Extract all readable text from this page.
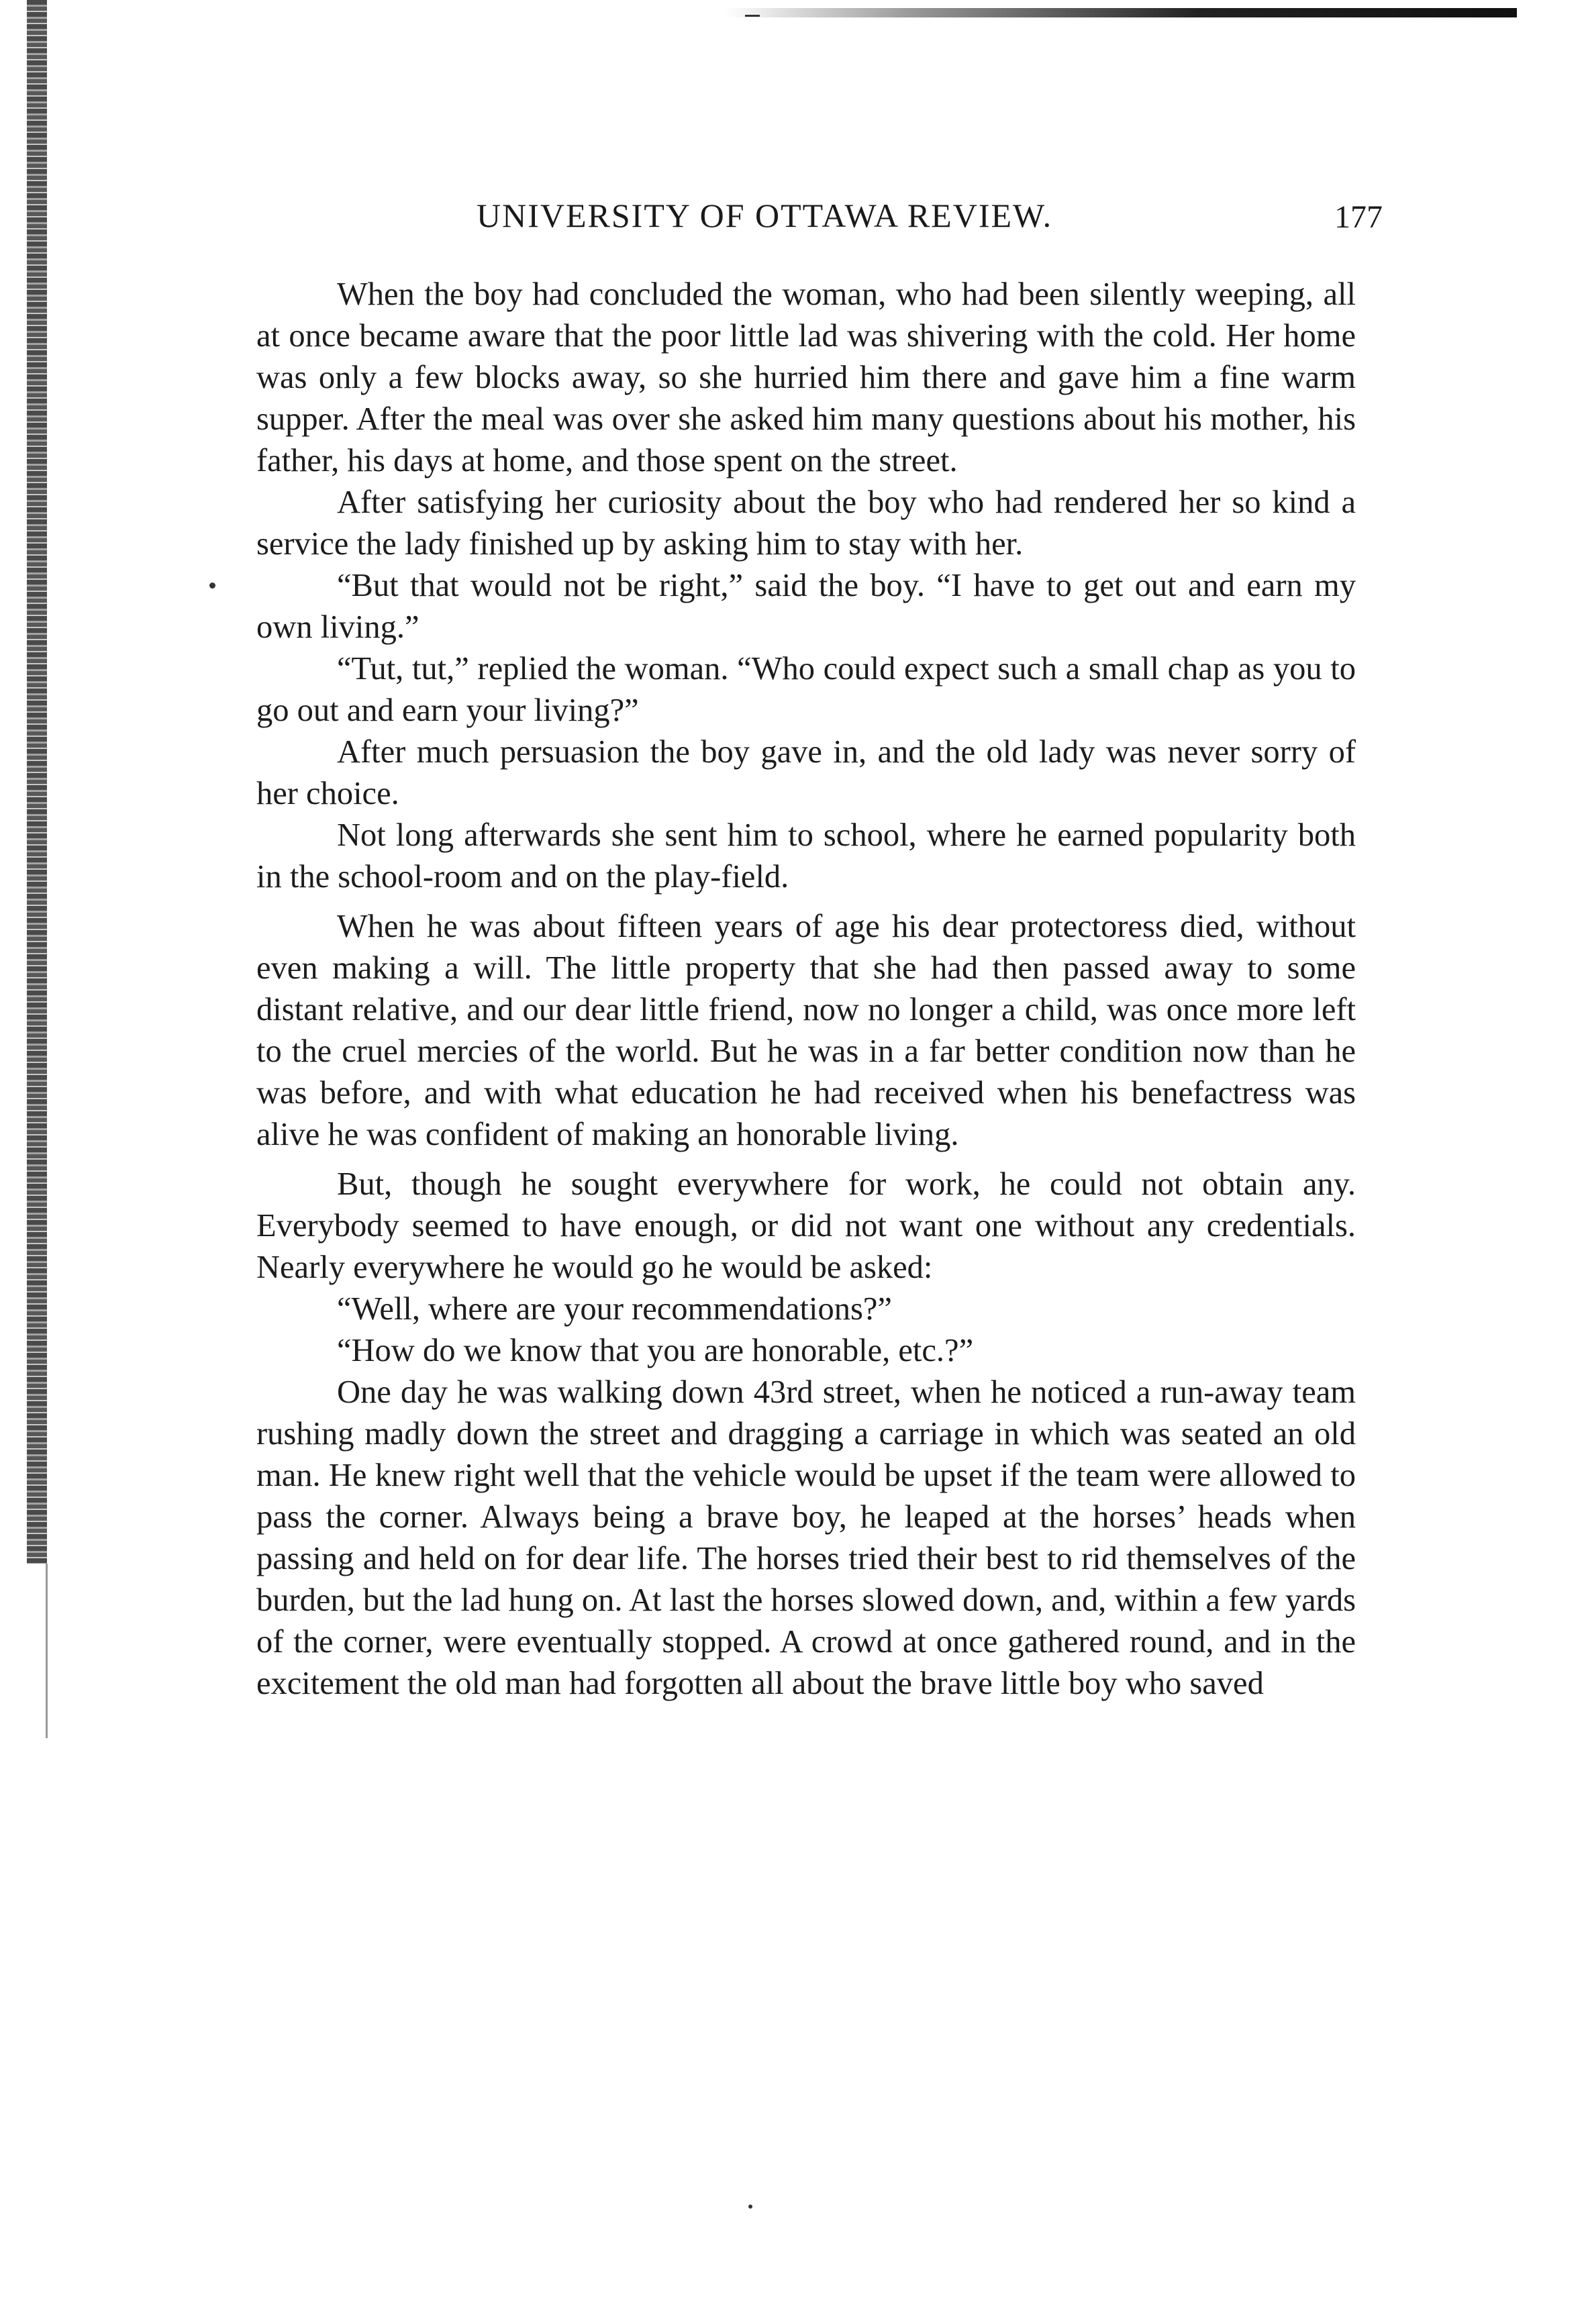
UNIVERSITY OF OTTAWA REVIEW.	177

When the boy had concluded the woman, who had been silently weeping, all at once became aware that the poor little lad was shivering with the cold. Her home was only a few blocks away, so she hurried him there and gave him a fine warm supper. After the meal was over she asked him many questions about his mother, his father, his days at home, and those spent on the street.

After satisfying her curiosity about the boy who had rendered her so kind a service the lady finished up by asking him to stay with her.

“But that would not be right,” said the boy. “I have to get out and earn my own living.”

“Tut, tut,” replied the woman. “Who could expect such a small chap as you to go out and earn your living?”

After much persuasion the boy gave in, and the old lady was never sorry of her choice.

Not long afterwards she sent him to school, where he earned popularity both in the school-room and on the play-field.

When he was about fifteen years of age his dear protectoress died, without even making a will. The little property that she had then passed away to some distant relative, and our dear little friend, now no longer a child, was once more left to the cruel mercies of the world. But he was in a far better condition now than he was before, and with what education he had received when his benefactress was alive he was confident of making an honorable living.

But, though he sought everywhere for work, he could not obtain any. Everybody seemed to have enough, or did not want one without any credentials. Nearly everywhere he would go he would be asked:

“Well, where are your recommendations?”

“How do we know that you are honorable, etc.?”

One day he was walking down 43rd street, when he noticed a run-away team rushing madly down the street and dragging a carriage in which was seated an old man. He knew right well that the vehicle would be upset if the team were allowed to pass the corner. Always being a brave boy, he leaped at the horses’ heads when passing and held on for dear life. The horses tried their best to rid themselves of the burden, but the lad hung on. At last the horses slowed down, and, within a few yards of the corner, were eventually stopped. A crowd at once gathered round, and in the excitement the old man had forgotten all about the brave little boy who saved
